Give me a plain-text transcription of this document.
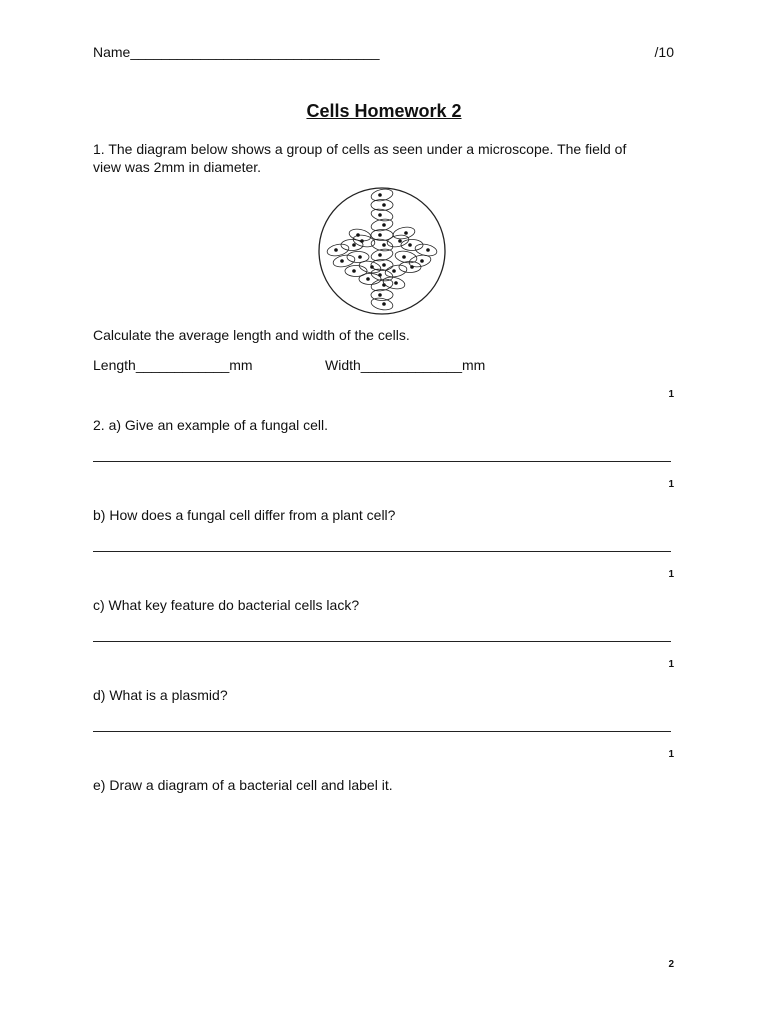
Name________________________________	/10
Cells Homework 2
1. The diagram below shows a group of cells as seen under a microscope. The field of view was 2mm in diameter.
Calculate the average length and width of the cells.
Length____________mm	Width_____________mm
1
2. a) Give an example of a fungal cell.
1
b) How does a fungal cell differ from a plant cell?
1
c) What key feature do bacterial cells lack?
1
d) What is a plasmid?
1
e) Draw a diagram of a bacterial cell and label it.
2
